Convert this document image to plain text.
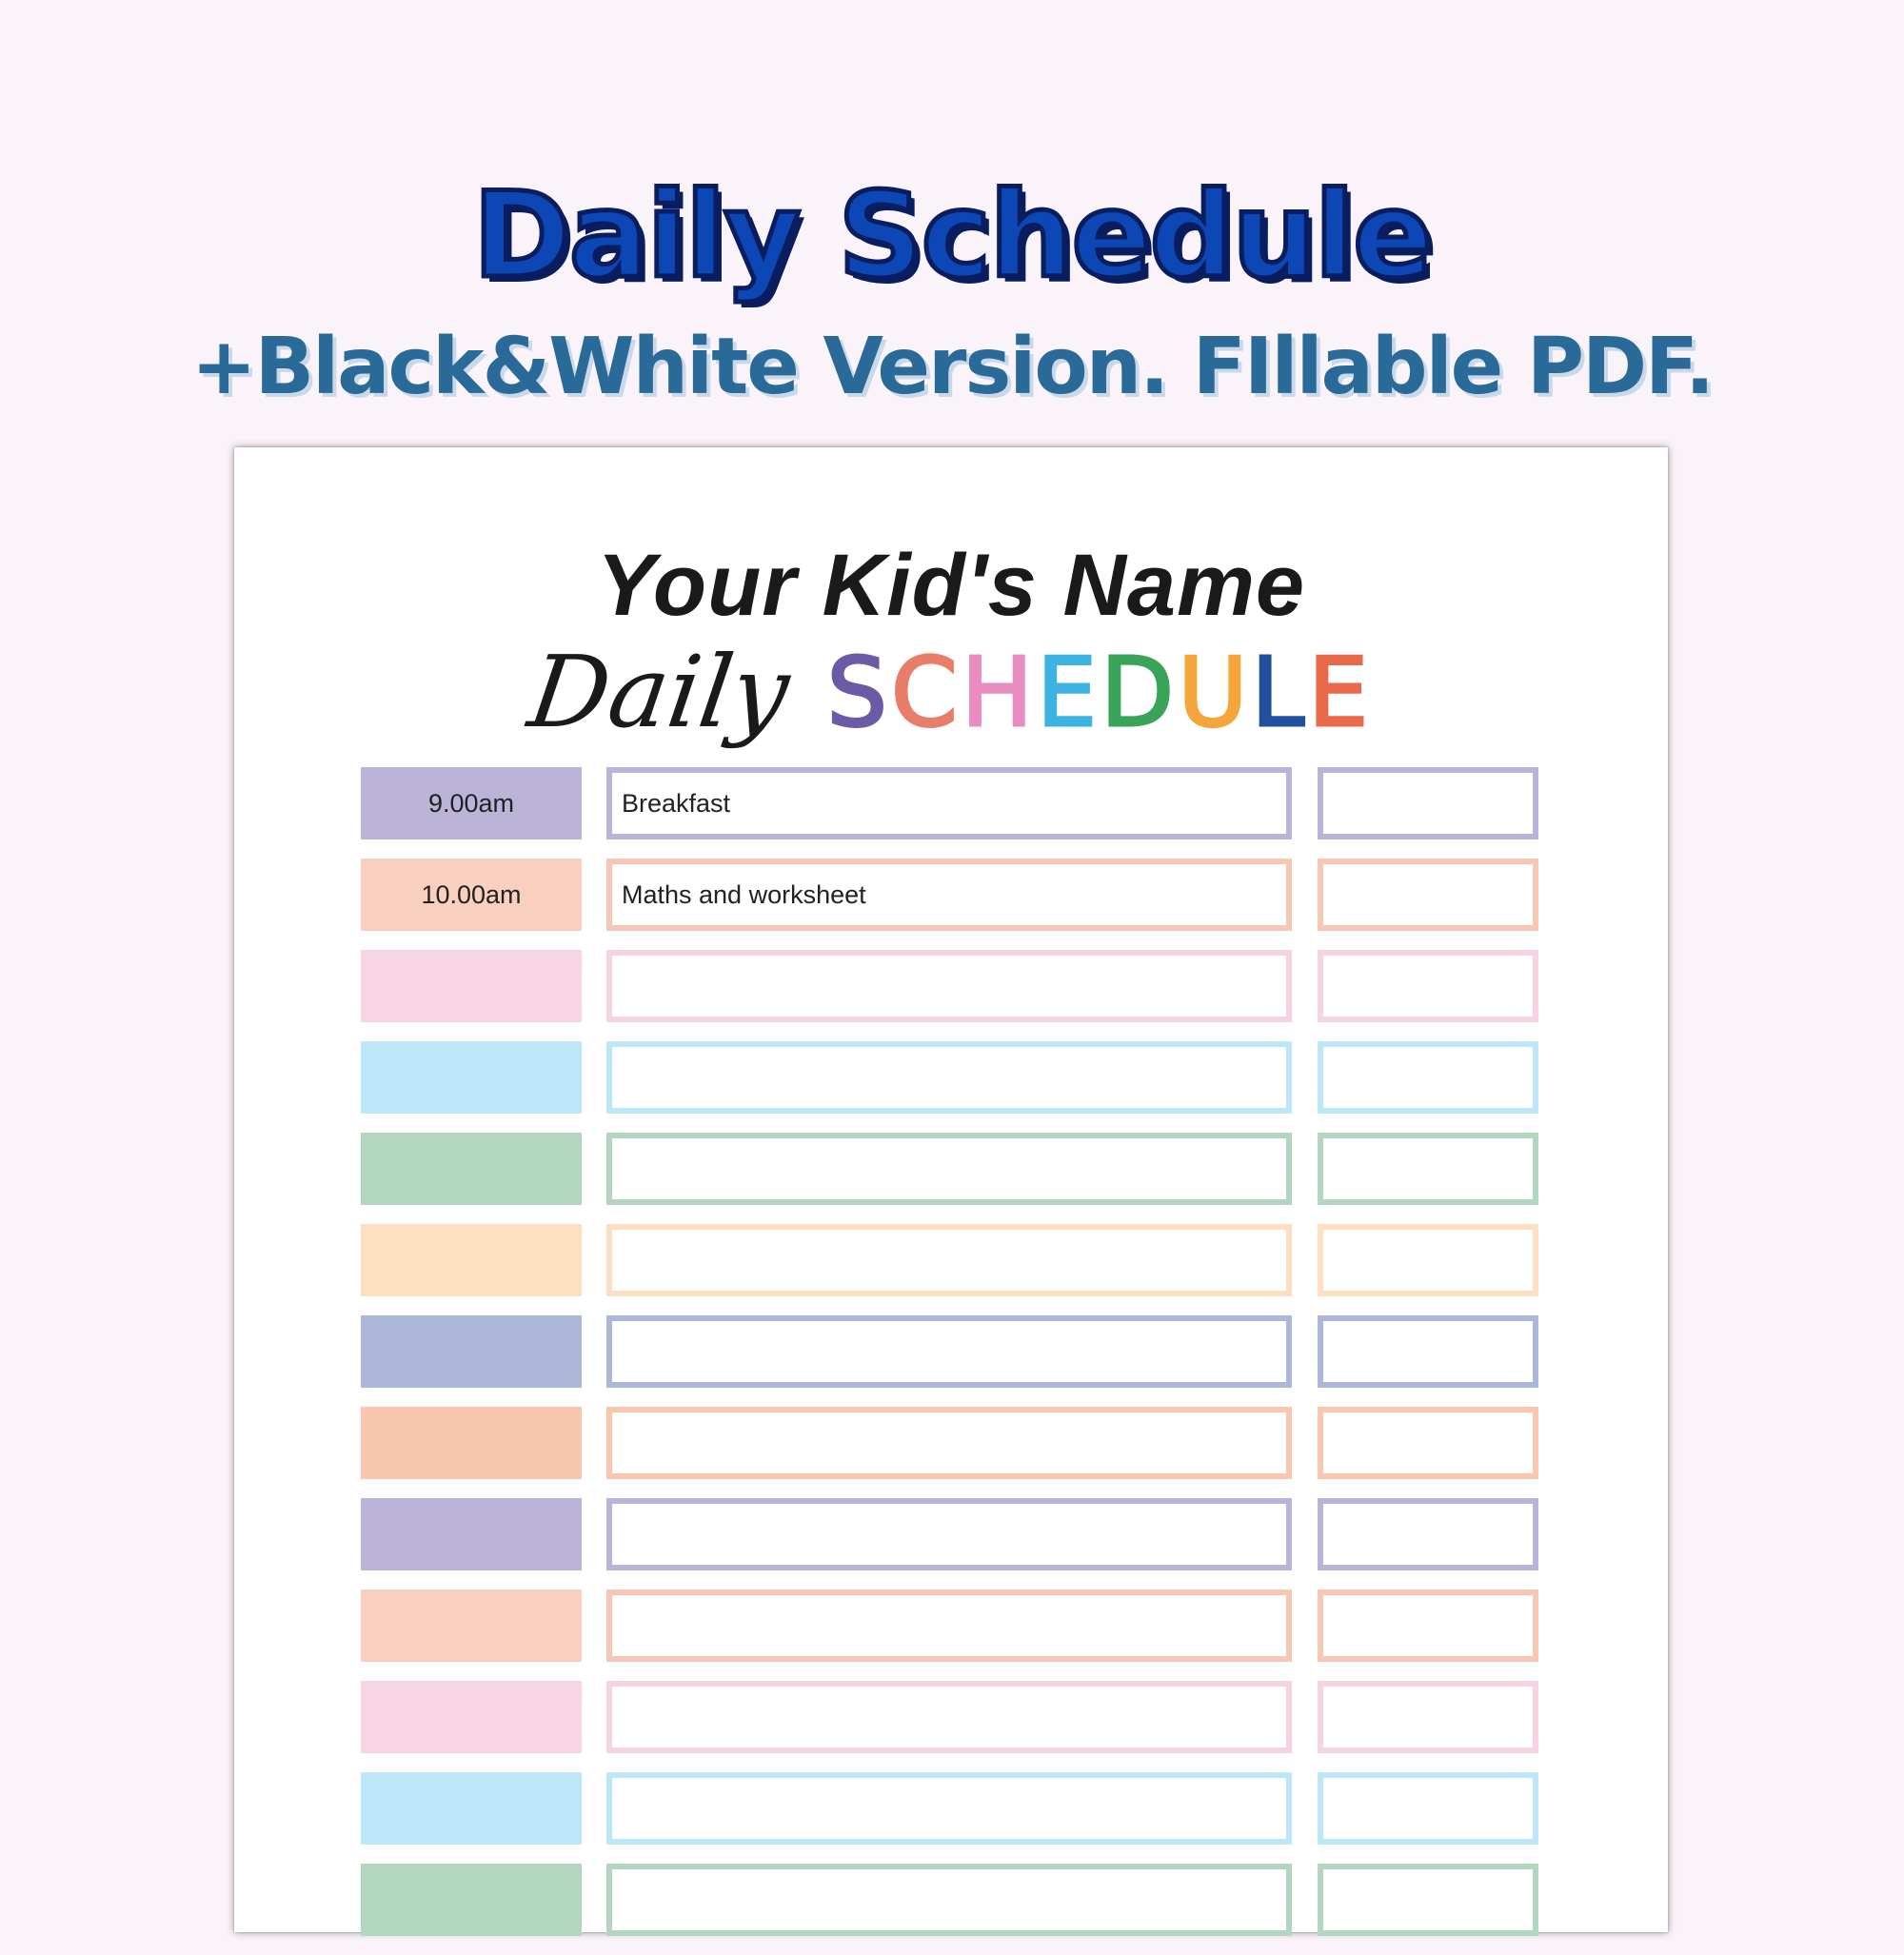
Daily Schedule
+Black&White Version. FIllable PDF.
Your Kid's Name
Daily SCHEDULE
9.00am	Breakfast
10.00am	Maths and worksheet
